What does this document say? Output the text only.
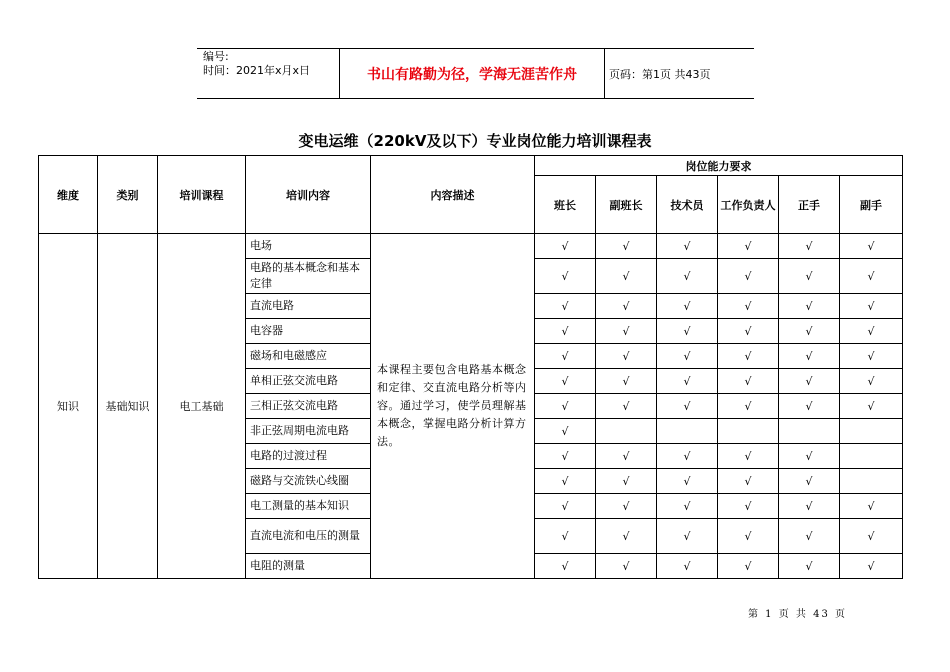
编号:
时间：2021年x月x日	书山有路勤为径，学海无涯苦作舟	页码：第1页 共43页
变电运维（220kV及以下）专业岗位能力培训课程表
维度	类别	培训课程	培训内容	内容描述	岗位能力要求					
					班长	副班长	技术员	工作负责人	正手	副手
知识	基础知识	电工基础	电场	本课程主要包含电路基本概念和定律、交直流电路分析等内容。通过学习，使学员理解基本概念，掌握电路分析计算方法。	√	√	√	√	√	√
			电路的基本概念和基本定律		√	√	√	√	√	√
			直流电路		√	√	√	√	√	√
			电容器		√	√	√	√	√	√
			磁场和电磁感应		√	√	√	√	√	√
			单相正弦交流电路		√	√	√	√	√	√
			三相正弦交流电路		√	√	√	√	√	√
			非正弦周期电流电路		√					
			电路的过渡过程		√	√	√	√	√	
			磁路与交流铁心线圈		√	√	√	√	√	
			电工测量的基本知识		√	√	√	√	√	√
			直流电流和电压的测量		√	√	√	√	√	√
			电阻的测量		√	√	√	√	√	√
第 1 页 共 43 页
